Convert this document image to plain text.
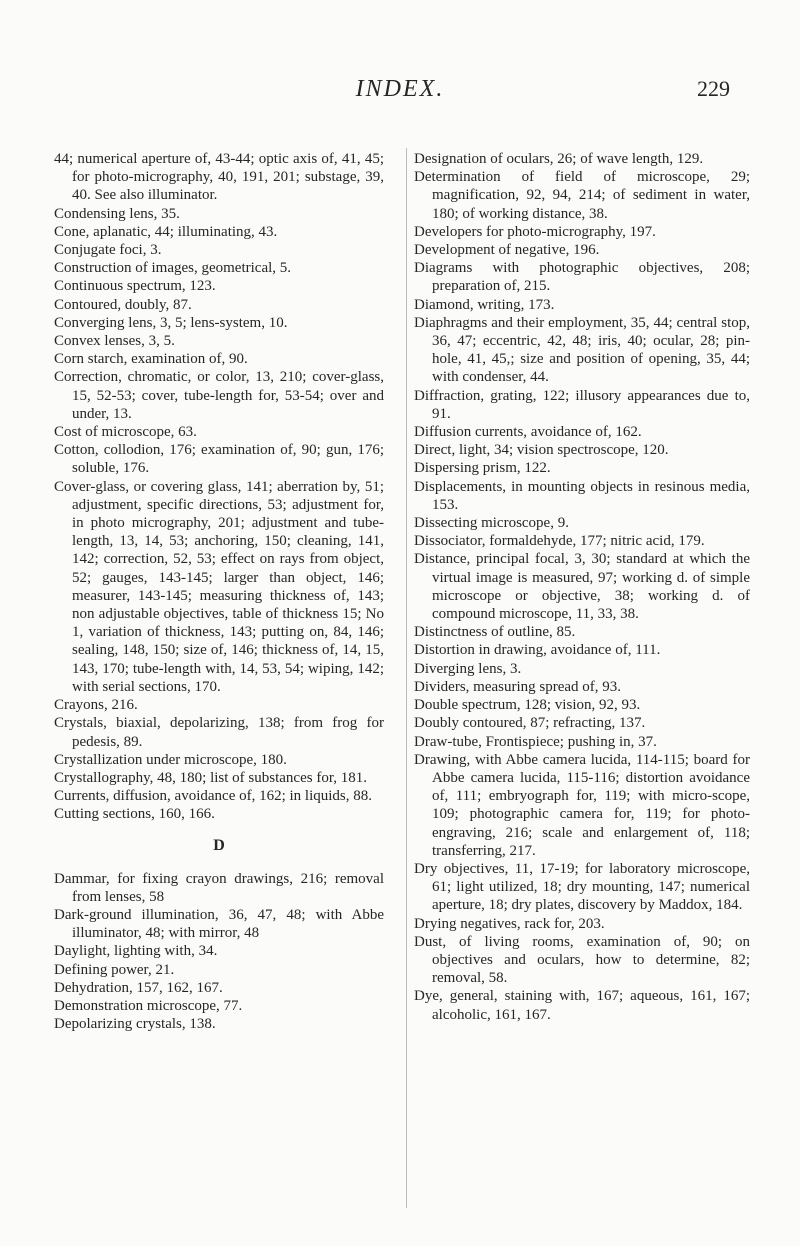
INDEX.	229

44; numerical aperture of, 43-44; optic axis of, 41, 45; for photo-micrography, 40, 191, 201; substage, 39, 40. See also illuminator.

Condensing lens, 35.

Cone, aplanatic, 44; illuminating, 43.

Conjugate foci, 3.

Construction of images, geometrical, 5.

Continuous spectrum, 123.

Contoured, doubly, 87.

Converging lens, 3, 5; lens-system, 10.

Convex lenses, 3, 5.

Corn starch, examination of, 90.

Correction, chromatic, or color, 13, 210; cover-glass, 15, 52-53; cover, tube-length for, 53-54; over and under, 13.

Cost of microscope, 63.

Cotton, collodion, 176; examination of, 90; gun, 176; soluble, 176.

Cover-glass, or covering glass, 141; aberration by, 51; adjustment, specific directions, 53; adjustment for, in photo micrography, 201; adjustment and tube-length, 13, 14, 53; anchoring, 150; cleaning, 141, 142; correction, 52, 53; effect on rays from object, 52; gauges, 143-145; larger than object, 146; measurer, 143-145; measuring thickness of, 143; non adjustable objectives, table of thickness 15; No 1, variation of thickness, 143; putting on, 84, 146; sealing, 148, 150; size of, 146; thickness of, 14, 15, 143, 170; tube-length with, 14, 53, 54; wiping, 142; with serial sections, 170.

Crayons, 216.

Crystals, biaxial, depolarizing, 138; from frog for pedesis, 89.

Crystallization under microscope, 180.

Crystallography, 48, 180; list of substances for, 181.

Currents, diffusion, avoidance of, 162; in liquids, 88.

Cutting sections, 160, 166.

D

Dammar, for fixing crayon drawings, 216; removal from lenses, 58

Dark-ground illumination, 36, 47, 48; with Abbe illuminator, 48; with mirror, 48

Daylight, lighting with, 34.

Defining power, 21.

Dehydration, 157, 162, 167.

Demonstration microscope, 77.

Depolarizing crystals, 138.

Designation of oculars, 26; of wave length, 129.

Determination of field of microscope, 29; magnification, 92, 94, 214; of sediment in water, 180; of working distance, 38.

Developers for photo-micrography, 197.

Development of negative, 196.

Diagrams with photographic objectives, 208; preparation of, 215.

Diamond, writing, 173.

Diaphragms and their employment, 35, 44; central stop, 36, 47; eccentric, 42, 48; iris, 40; ocular, 28; pin-hole, 41, 45,; size and position of opening, 35, 44; with condenser, 44.

Diffraction, grating, 122; illusory appearances due to, 91.

Diffusion currents, avoidance of, 162.

Direct, light, 34; vision spectroscope, 120.

Dispersing prism, 122.

Displacements, in mounting objects in resinous media, 153.

Dissecting microscope, 9.

Dissociator, formaldehyde, 177; nitric acid, 179.

Distance, principal focal, 3, 30; standard at which the virtual image is measured, 97; working d. of simple microscope or objective, 38; working d. of compound microscope, 11, 33, 38.

Distinctness of outline, 85.

Distortion in drawing, avoidance of, 111.

Diverging lens, 3.

Dividers, measuring spread of, 93.

Double spectrum, 128; vision, 92, 93.

Doubly contoured, 87; refracting, 137.

Draw-tube, Frontispiece; pushing in, 37.

Drawing, with Abbe camera lucida, 114-115; board for Abbe camera lucida, 115-116; distortion avoidance of, 111; embryograph for, 119; with micro-scope, 109; photographic camera for, 119; for photo-engraving, 216; scale and enlargement of, 118; transferring, 217.

Dry objectives, 11, 17-19; for laboratory microscope, 61; light utilized, 18; dry mounting, 147; numerical aperture, 18; dry plates, discovery by Maddox, 184.

Drying negatives, rack for, 203.

Dust, of living rooms, examination of, 90; on objectives and oculars, how to determine, 82; removal, 58.

Dye, general, staining with, 167; aqueous, 161, 167; alcoholic, 161, 167.
